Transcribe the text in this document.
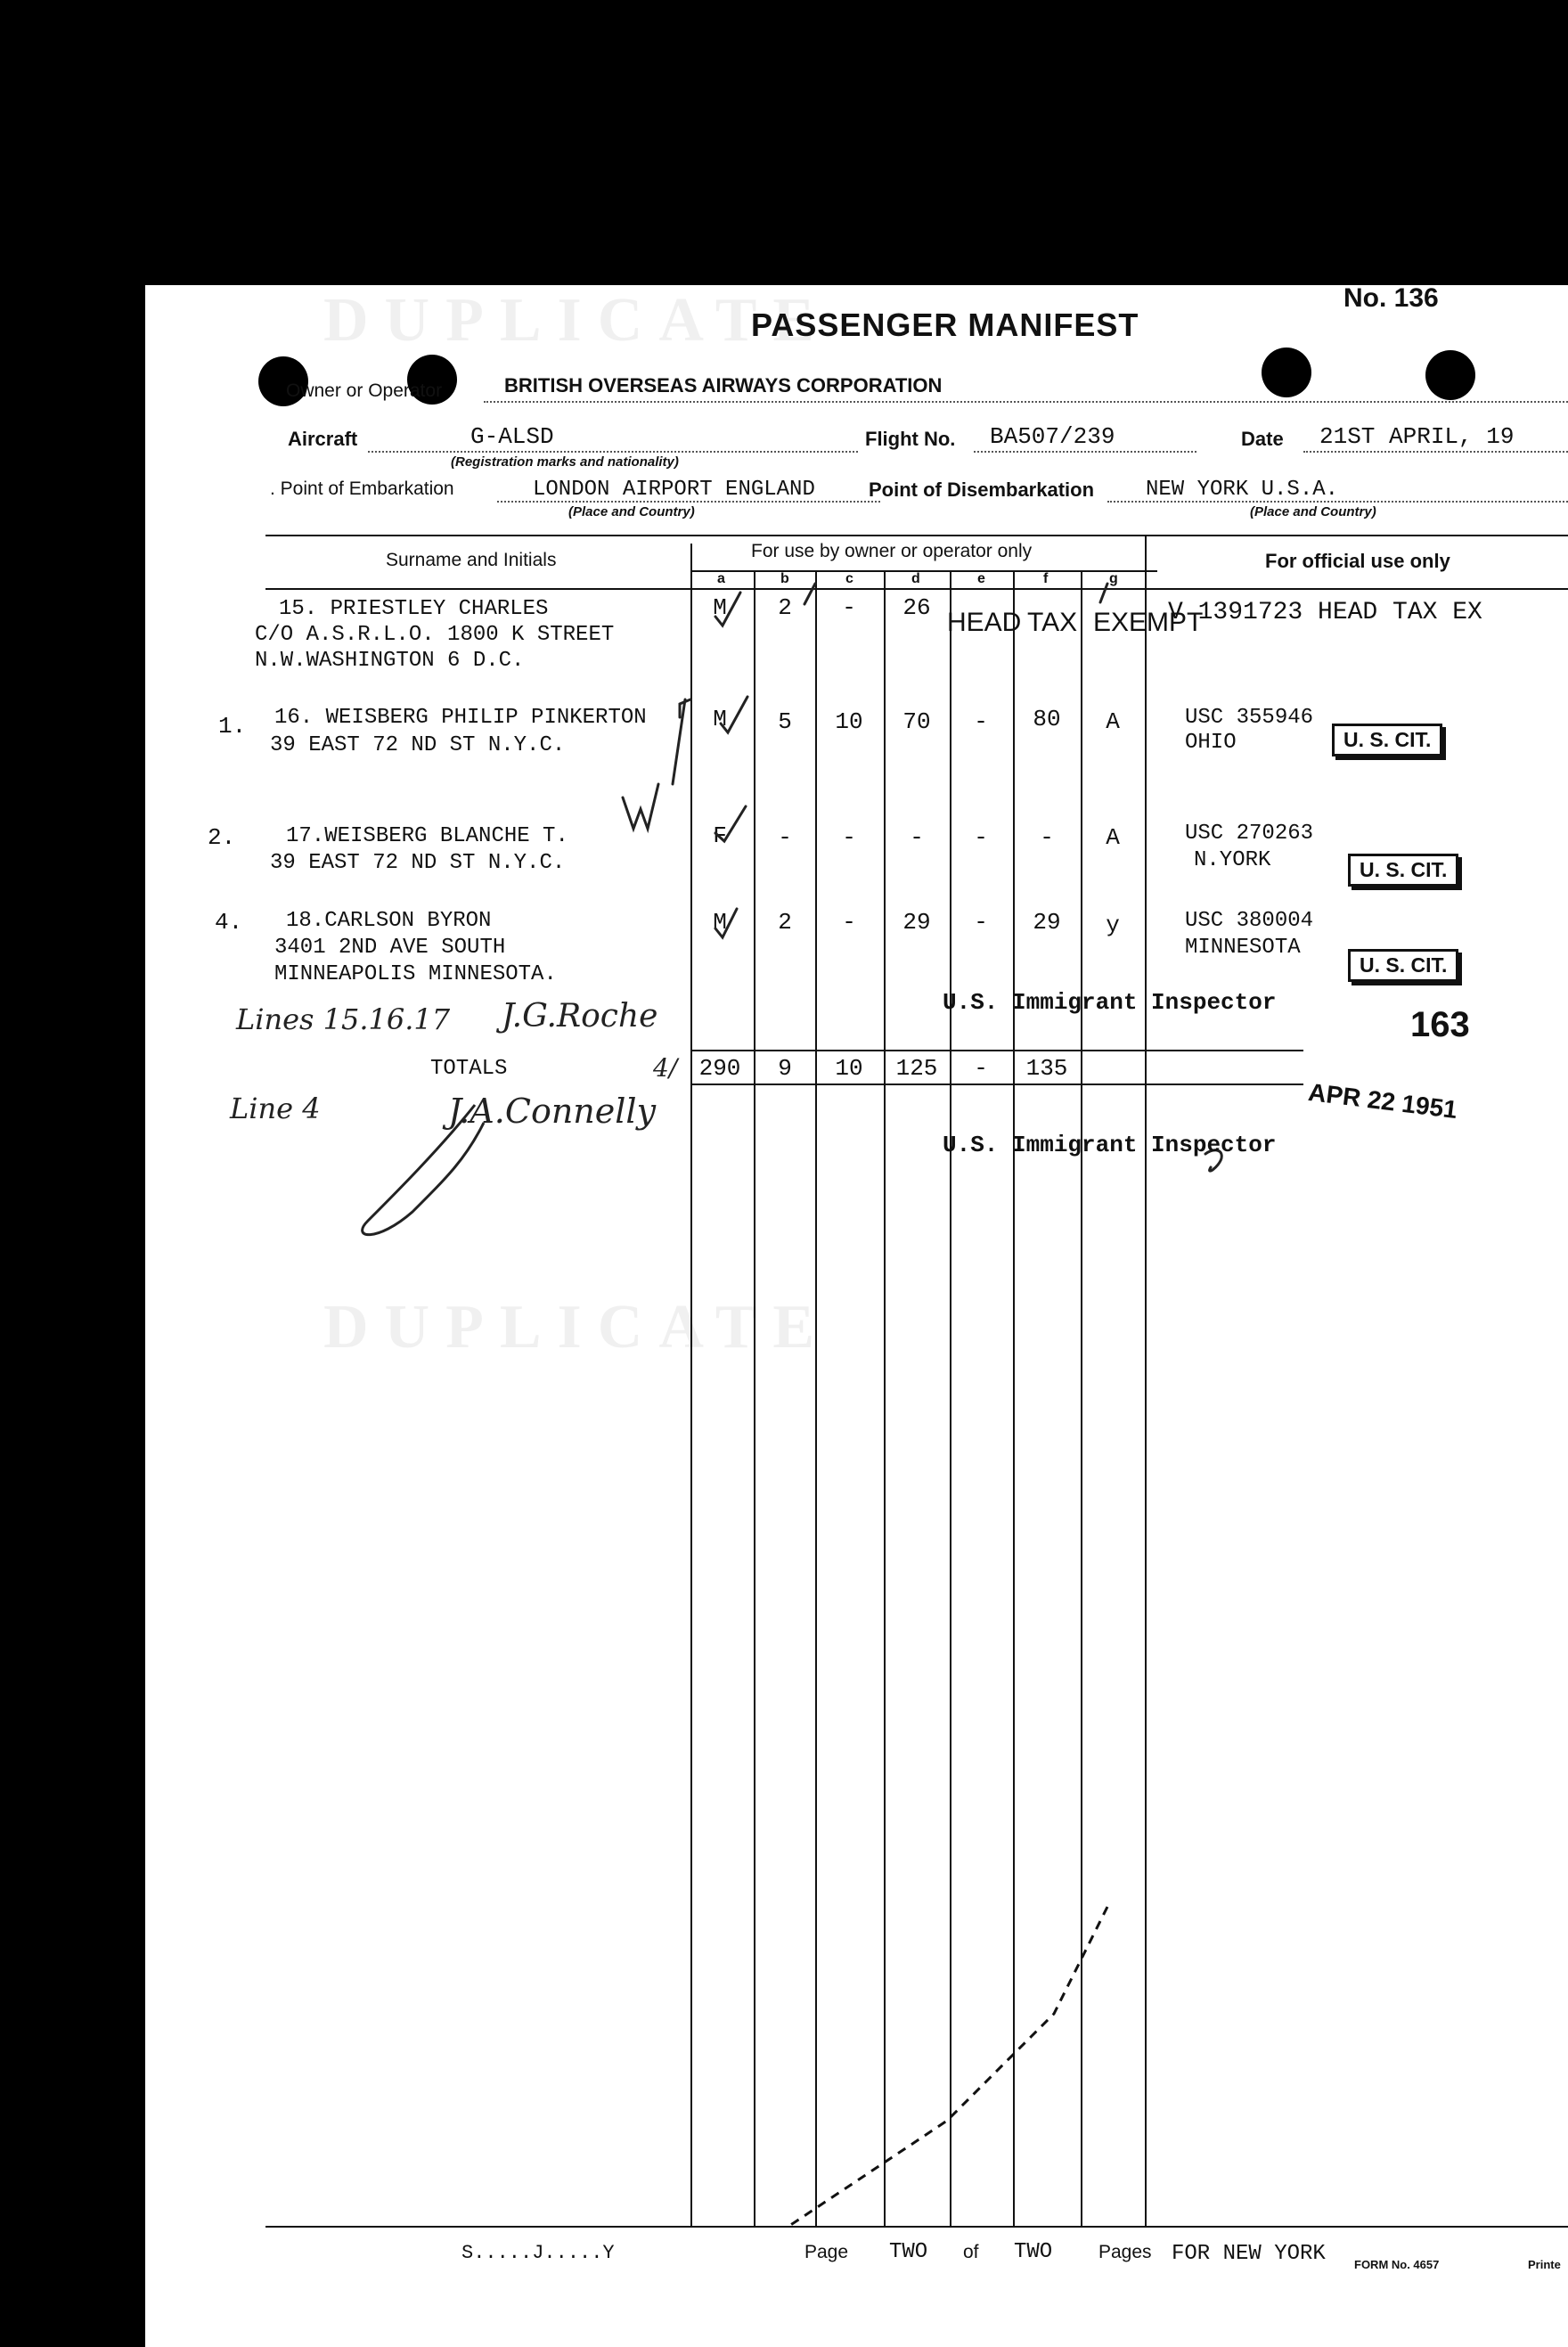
DUPLICATE
DUPLICATE
No. 136
PASSENGER MANIFEST
Owner or Operator	BRITISH OVERSEAS AIRWAYS CORPORATION
Aircraft	G-ALSD
(Registration marks and nationality)
Flight No. BA507/239	Date 21ST APRIL, 19
. Point of Embarkation	LONDON AIRPORT ENGLAND
(Place and Country)
Point of Disembarkation NEW YORK U.S.A.
(Place and Country)
Surname and Initials	For use by owner or operator only	For official use only
a	b	c	d	e	f	g
15. PRIESTLEY CHARLES
C/O A.S.R.L.O. 1800 K STREET
N.W.WASHINGTON 6 D.C.
M	2	-	26 HEAD TAX EXEMPT
V 1391723 HEAD TAX EX
1. 16. WEISBERG PHILIP PINKERTON
39 EAST 72 ND ST N.Y.C.
M	5	10	70	-	80	A	USC 355946
OHIO	U. S. CIT.
2. 17.WEISBERG BLANCHE T.
39 EAST 72 ND ST N.Y.C.
F	-	-	-	-	-	A	USC 270263
N.YORK	U. S. CIT.
4. 18.CARLSON BYRON
3401 2ND AVE SOUTH
MINNEAPOLIS MINNESOTA.
M	2	-	29	-	29	y	USC 380004
MINNESOTA
U. S. CIT.
U.S. Immigrant Inspector
Lines 15.16.17 J.G.Roche	163
TOTALS	4/ 290	9	10	125	-	135
Line 4	J.A.Connelly	APR 22 1951
U.S. Immigrant Inspector
S.....J.....Y	Page TWO of TWO Pages FOR NEW YORK FORM No. 4657	Printe
